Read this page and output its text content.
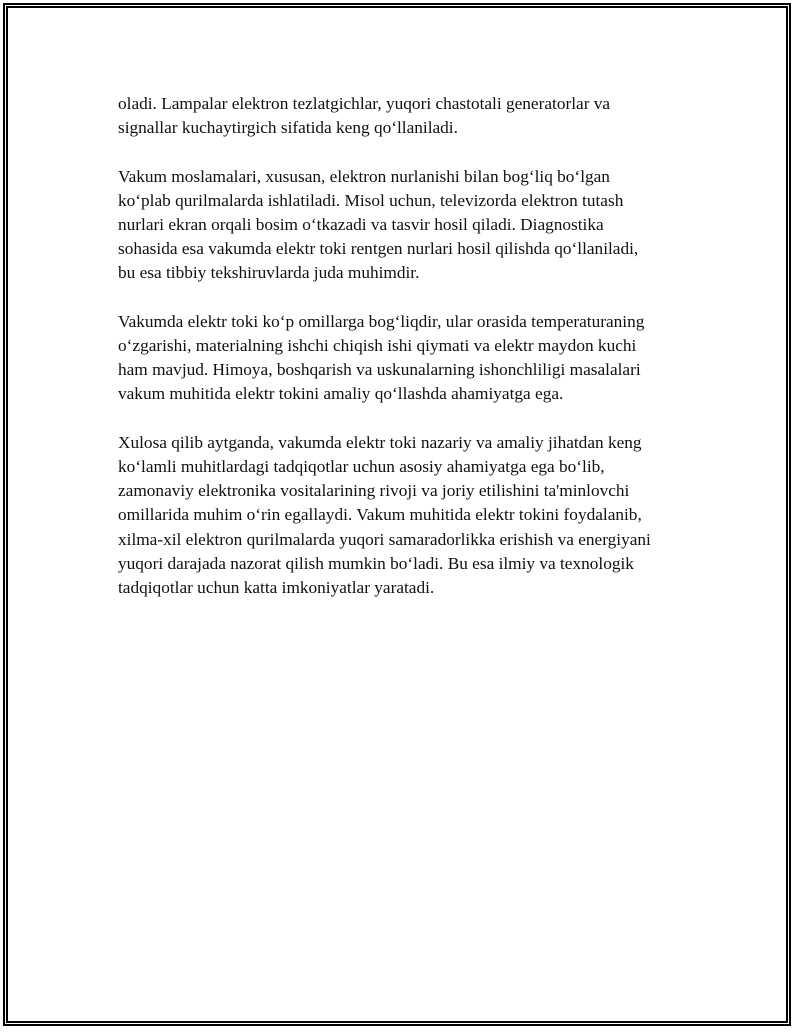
oladi. Lampalar elektron tezlatgichlar, yuqori chastotali generatorlar va
signallar kuchaytirgich sifatida keng qo‘llaniladi.

Vakum moslamalari, xususan, elektron nurlanishi bilan bog‘liq bo‘lgan
ko‘plab qurilmalarda ishlatiladi. Misol uchun, televizorda elektron tutash
nurlari ekran orqali bosim o‘tkazadi va tasvir hosil qiladi. Diagnostika
sohasida esa vakumda elektr toki rentgen nurlari hosil qilishda qo‘llaniladi,
bu esa tibbiy tekshiruvlarda juda muhimdir.

Vakumda elektr toki ko‘p omillarga bog‘liqdir, ular orasida temperaturaning
o‘zgarishi, materialning ishchi chiqish ishi qiymati va elektr maydon kuchi
ham mavjud. Himoya, boshqarish va uskunalarning ishonchliligi masalalari
vakum muhitida elektr tokini amaliy qo‘llashda ahamiyatga ega.

Xulosa qilib aytganda, vakumda elektr toki nazariy va amaliy jihatdan keng
ko‘lamli muhitlardagi tadqiqotlar uchun asosiy ahamiyatga ega bo‘lib,
zamonaviy elektronika vositalarining rivoji va joriy etilishini ta'minlovchi
omillarida muhim o‘rin egallaydi. Vakum muhitida elektr tokini foydalanib,
xilma-xil elektron qurilmalarda yuqori samaradorlikka erishish va energiyani
yuqori darajada nazorat qilish mumkin bo‘ladi. Bu esa ilmiy va texnologik
tadqiqotlar uchun katta imkoniyatlar yaratadi.
